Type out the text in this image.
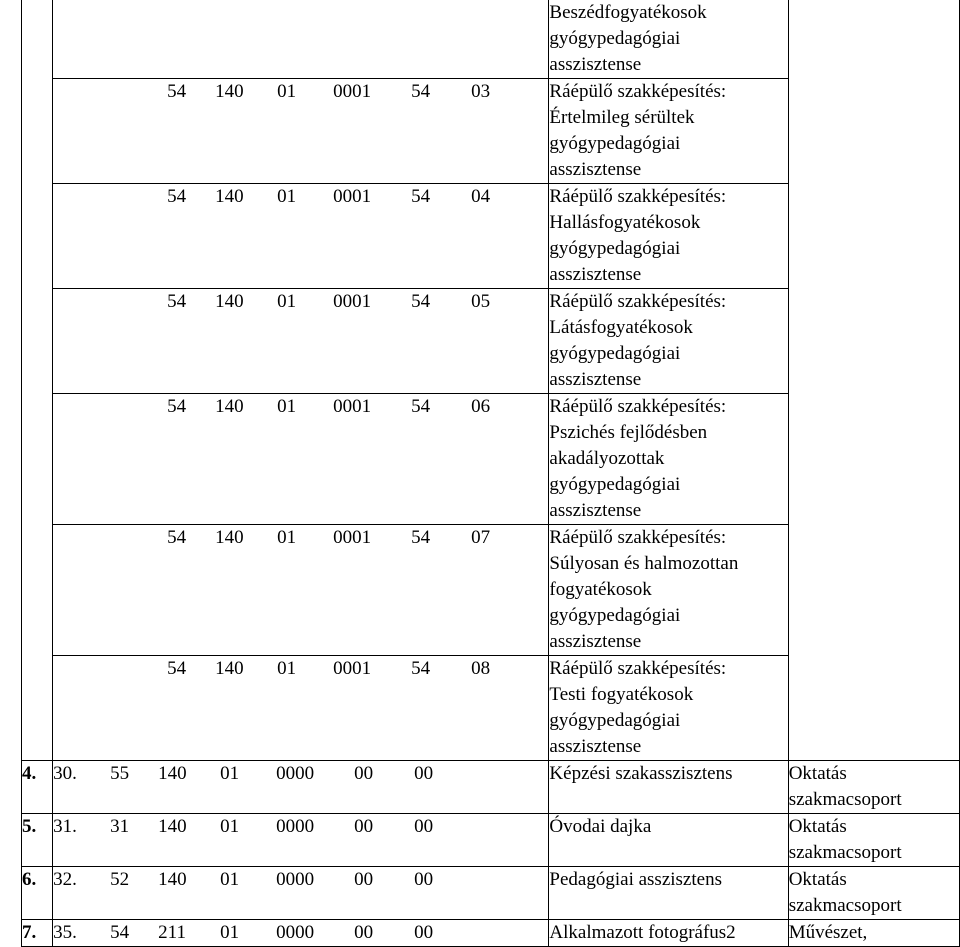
		Beszédfogyatékosok
gyógypedagógiai
asszisztense	

	54 140 01 0001 54 03	Ráépülő szakképesítés:
Értelmileg sérültek
gyógypedagógiai
asszisztense	

	54 140 01 0001 54 04	Ráépülő szakképesítés:
Hallásfogyatékosok
gyógypedagógiai
asszisztense	

	54 140 01 0001 54 05	Ráépülő szakképesítés:
Látásfogyatékosok
gyógypedagógiai
asszisztense	

	54 140 01 0001 54 06	Ráépülő szakképesítés:
Pszichés fejlődésben
akadályozottak
gyógypedagógiai
asszisztense	

	54 140 01 0001 54 07	Ráépülő szakképesítés:
Súlyosan és halmozottan
fogyatékosok
gyógypedagógiai
asszisztense	

	54 140 01 0001 54 08	Ráépülő szakképesítés:
Testi fogyatékosok
gyógypedagógiai
asszisztense	

4.	30. 55 140 01 0000 00 00	Képzési szakasszisztens	Oktatás szakmacsoport
5.	31. 31 140 01 0000 00 00	Óvodai dajka	Oktatás szakmacsoport
6.	32. 52 140 01 0000 00 00	Pedagógiai asszisztens	Oktatás szakmacsoport
7.	35. 54 211 01 0000 00 00	Alkalmazott fotográfus2	Művészet,
